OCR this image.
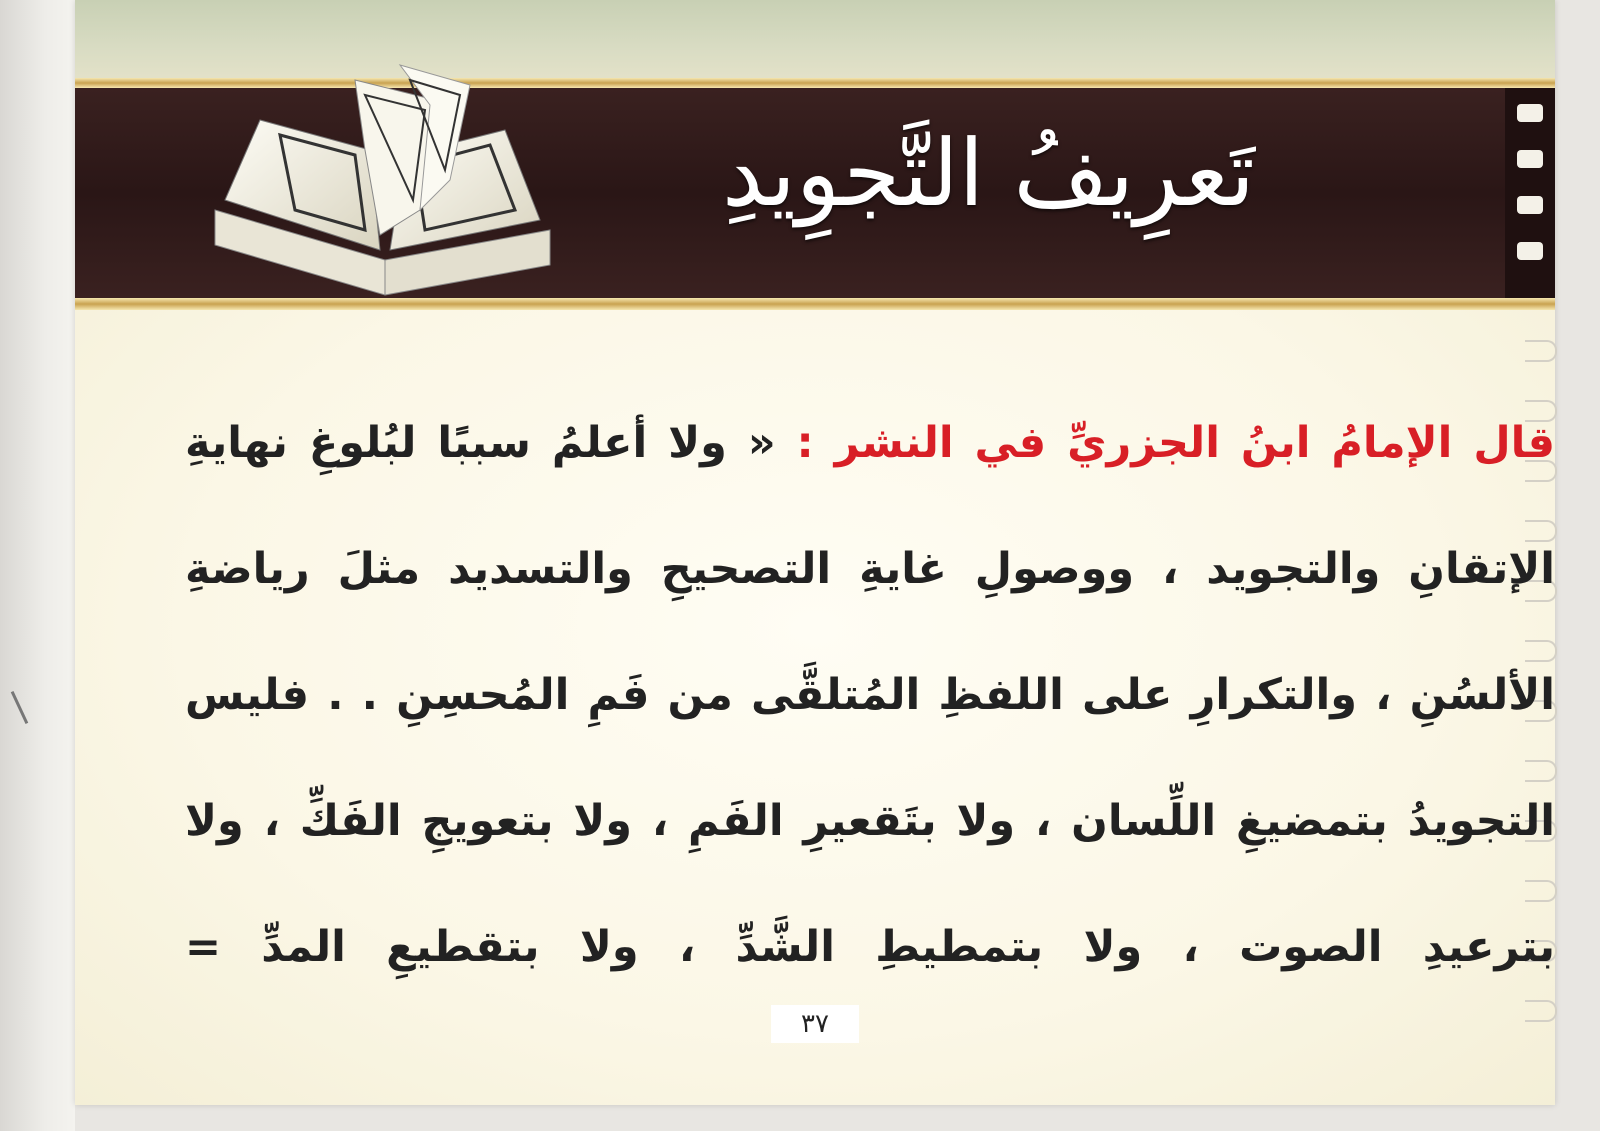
تَعرِيفُ التَّجوِيدِ
قال الإمامُ ابنُ الجزريِّ في النشر : « ولا أعلمُ سببًا لبُلوغِ نهايةِ الإتقانِ والتجويد ، ووصولِ غايةِ التصحيحِ والتسديد مثلَ رياضةِ الألسُنِ ، والتكرارِ على اللفظِ المُتلقَّى من فَمِ المُحسِنِ . . فليس التجويدُ بتمضيغِ اللِّسان ، ولا بتَقعيرِ الفَمِ ، ولا بتعويجِ الفَكِّ ، ولا بترعيدِ الصوت ، ولا بتمطيطِ الشَّدِّ ، ولا بتقطيعِ المدِّ =
٣٧
